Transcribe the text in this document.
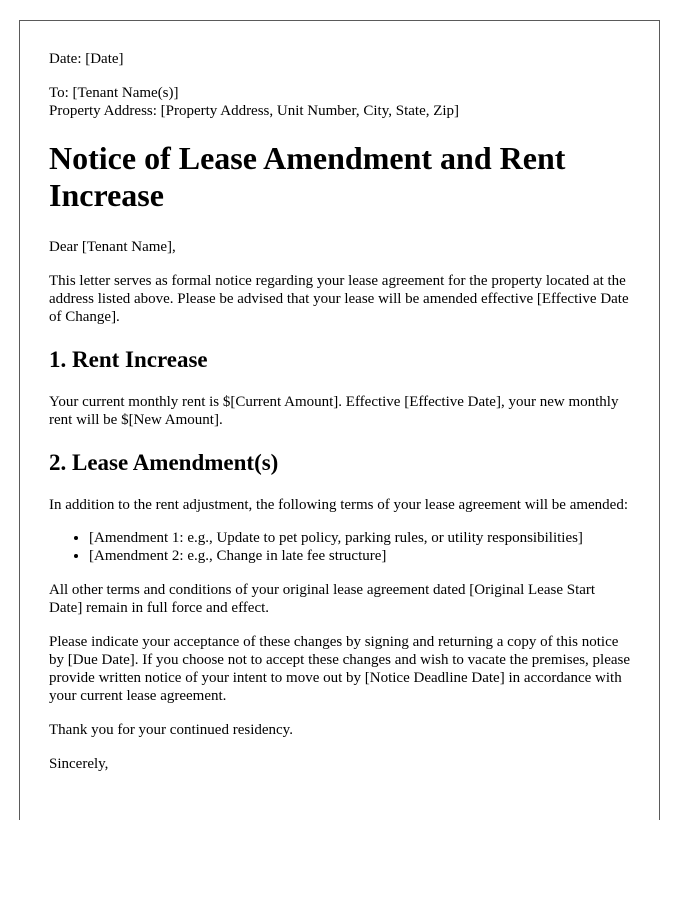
Date: [Date]

To: [Tenant Name(s)]

Property Address: [Property Address, Unit Number, City, State, Zip]

Notice of Lease Amendment and Rent Increase

Dear [Tenant Name],

This letter serves as formal notice regarding your lease agreement for the property located at the address listed above. Please be advised that your lease will be amended effective [Effective Date of Change].

1. Rent Increase

Your current monthly rent is $[Current Amount]. Effective [Effective Date], your new monthly rent will be $[New Amount].

2. Lease Amendment(s)

In addition to the rent adjustment, the following terms of your lease agreement will be amended:

• [Amendment 1: e.g., Update to pet policy, parking rules, or utility responsibilities]
• [Amendment 2: e.g., Change in late fee structure]

All other terms and conditions of your original lease agreement dated [Original Lease Start Date] remain in full force and effect.

Please indicate your acceptance of these changes by signing and returning a copy of this notice by [Due Date]. If you choose not to accept these changes and wish to vacate the premises, please provide written notice of your intent to move out by [Notice Deadline Date] in accordance with your current lease agreement.

Thank you for your continued residency.

Sincerely,
